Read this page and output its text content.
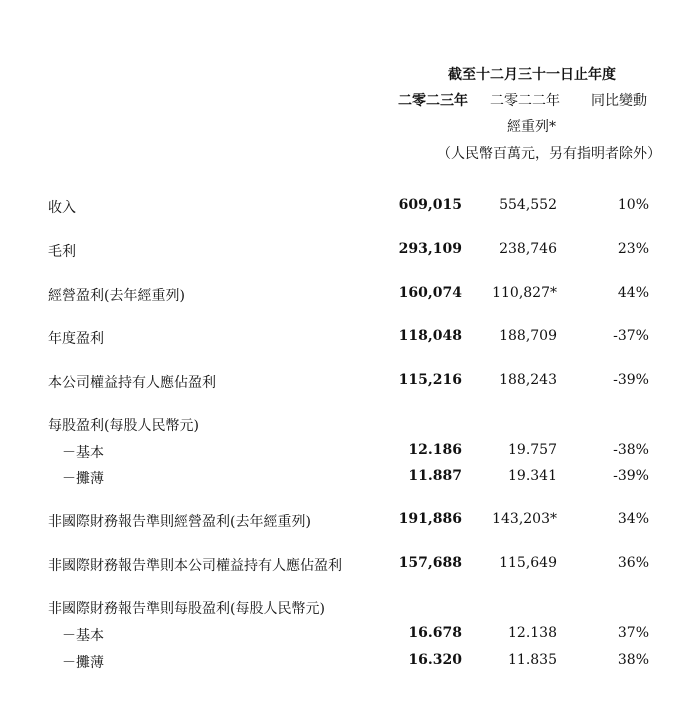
截至十二月三十一日止年度
二零二三年 二零二二年 同比變動
經重列*
（人民幣百萬元，另有指明者除外）
收入	609,015	554,552	10%
毛利	293,109	238,746	23%
經營盈利(去年經重列)	160,074 110,827*	44%
年度盈利	118,048	188,709	-37%
本公司權益持有人應佔盈利	115,216	188,243	-39%
每股盈利(每股人民幣元)
－基本	12.186	19.757	-38%
－攤薄	11.887	19.341	-39%
非國際財務報告準則經營盈利(去年經重列)	191,886 143,203*	34%
非國際財務報告準則本公司權益持有人應佔盈利	157,688	115,649	36%
非國際財務報告準則每股盈利(每股人民幣元)
－基本	16.678	12.138	37%
－攤薄	16.320	11.835	38%
